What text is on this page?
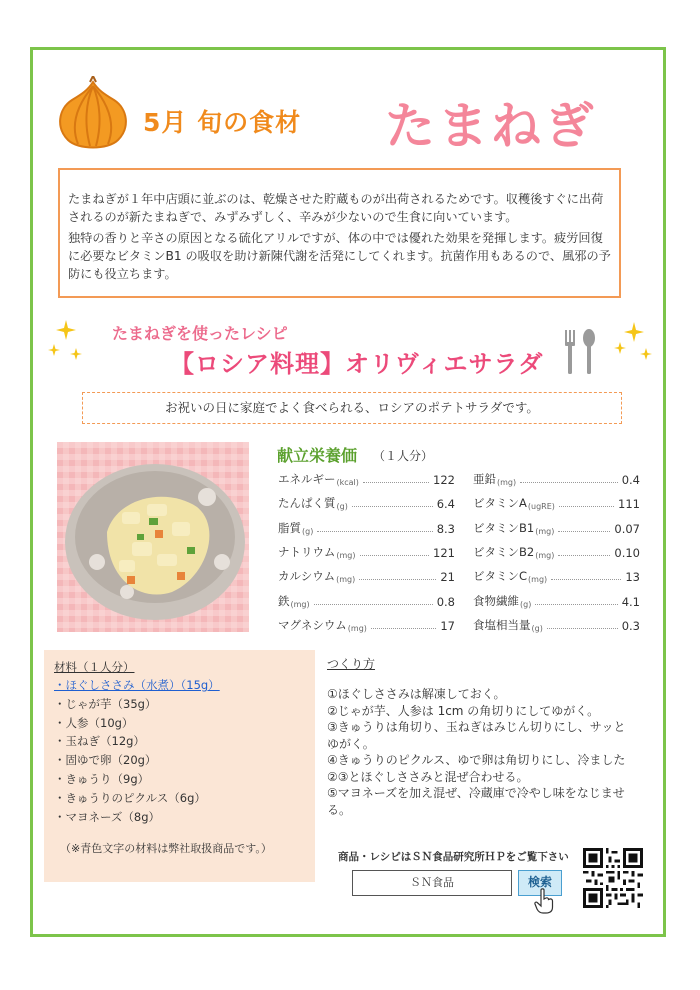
5月 旬の食材 たまねぎ

たまねぎが１年中店頭に並ぶのは、乾燥させた貯蔵ものが出荷されるためです。収穫後すぐに出荷されるのが新たまねぎで、みずみずしく、辛みが少ないので生食に向いています。

独特の香りと辛さの原因となる硫化アリルですが、体の中では優れた効果を発揮します。疲労回復に必要なビタミンB1 の吸収を助け新陳代謝を活発にしてくれます。抗菌作用もあるので、風邪の予防にも役立ちます。

たまねぎを使ったレシピ
【ロシア料理】オリヴィエサラダ
お祝いの日に家庭でよく食べられる、ロシアのポテトサラダです。
献立栄養価 （１人分）
エネルギー (kcal)	122
たんぱく質 (g)	6.4
脂質 (g)	8.3
ナトリウム (mg)	121
カルシウム (mg)	21
鉄 (mg)	0.8
マグネシウム (mg)	17
亜鉛 (mg)	0.4
ビタミンA (ugRE)	111
ビタミンB1 (mg)	0.07
ビタミンB2 (mg)	0.10
ビタミンC (mg)	13
食物繊維 (g)	4.1
食塩相当量 (g)	0.3
材料（１人分）
・ほぐしささみ（水煮）（15g）
・じゃが芋（35g）
・人参（10g）
・玉ねぎ（12g）
・固ゆで卵（20g）
・きゅうり（9g）
・きゅうりのピクルス（6g）
・マヨネーズ（8g）
（※青色文字の材料は弊社取扱商品です。）
つくり方

①ほぐしささみは解凍しておく。

②じゃが芋、人参は 1cm の角切りにしてゆがく。

③きゅうりは角切り、玉ねぎはみじん切りにし、サッとゆがく。

④きゅうりのピクルス、ゆで卵は角切りにし、冷ました②③とほぐしささみと混ぜ合わせる。

⑤マヨネーズを加え混ぜ、冷蔵庫で冷やし味をなじませる。

商品・レシピはＳＮ食品研究所ＨＰをご覧下さい
ＳＮ食品	検索
